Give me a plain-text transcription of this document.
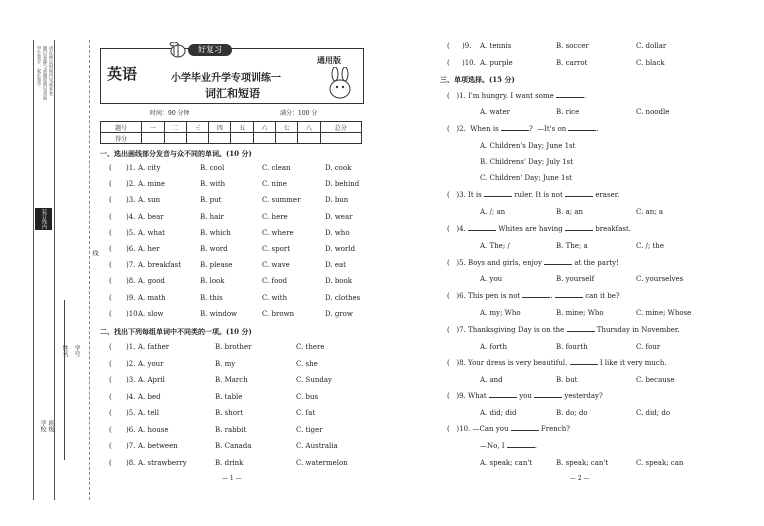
学生签字：家长签字： 题目来源与命题说明见背面 请在规定时间内完成本卷
装订线内
学校 班级
学号
线
英语	小学毕业升学专项训练一
词汇和短语
通用版
好复习
时间：90 分钟	满分：100 分
题号	一	二	三	四	五	六	七	八	总分
得分									
一、选出画线部分发音与众不同的单词。(10 分)
( )1. A. city	B. cool	C. clean	D. cook
( )2. A. mine	B. with	C. nine	D. behind
( )3. A. sun	B. put	C. summer	D. bun
( )4. A. bear	B. hair	C. here	D. wear
( )5. A. what	B. which	C. where	D. who
( )6. A. her	B. word	C. sport	D. world
( )7. A. breakfast	B. please	C. wave	D. eat
( )8. A. good	B. look	C. food	D. book
( )9. A. math	B. this	C. with	D. clothes
( )10.
A. slow	B. window	C. brown	D. grow
二、找出下列每组单词中不同类的一项。(10 分)
( )1. A. father	B. brother	C. there
( )2. A. your	B. my	C. she
( )3. A. April	B. March	C. Sunday
( )4. A. bed	B. table	C. bus
( )5. A. tell	B. short	C. fat
( )6. A. house	B. rabbit	C. tiger
( )7. A. between	B. Canada	C. Australia
( )8. A. strawberry	B. drink	C. watermelon
— 1 —
( )9. A. tennis	B. soccer	C. dollar
( )10. A. purple	B. carrot	C. black
三、单项选择。(15 分)
( )1. I'm hungry. I want some	.
A. water	B. rice	C. noodle
( )2. When is	? —It's on	.
A. Children's Day; June 1st
B. Childrens' Day; July 1st
C. Children' Day; June 1st
( )3. It is	ruler. It is not	eraser.
A. /; an	B. a; an	C. an; a
( )4.	Whites are having	breakfast.
A. The; /	B. The; a	C. /; the
( )5. Boys and girls, enjoy	at the party!
A. you	B. yourself	C. yourselves
( )6. This pen is not	.	can it be?
A. my; Who	B. mine; Who	C. mine; Whose
( )7. Thanksgiving Day is on the	Thursday in November.
A. forth	B. fourth	C. four
( )8. Your dress is very beautiful.	I like it very much.
A. and	B. but	C. because
( )9. What	you	yesterday?
A. did; did	B. do; do	C. did; do
( )10. —Can you	French?
—No, I	.
A. speak; can't	B. speak; can't	C. speak; can
— 2 —
